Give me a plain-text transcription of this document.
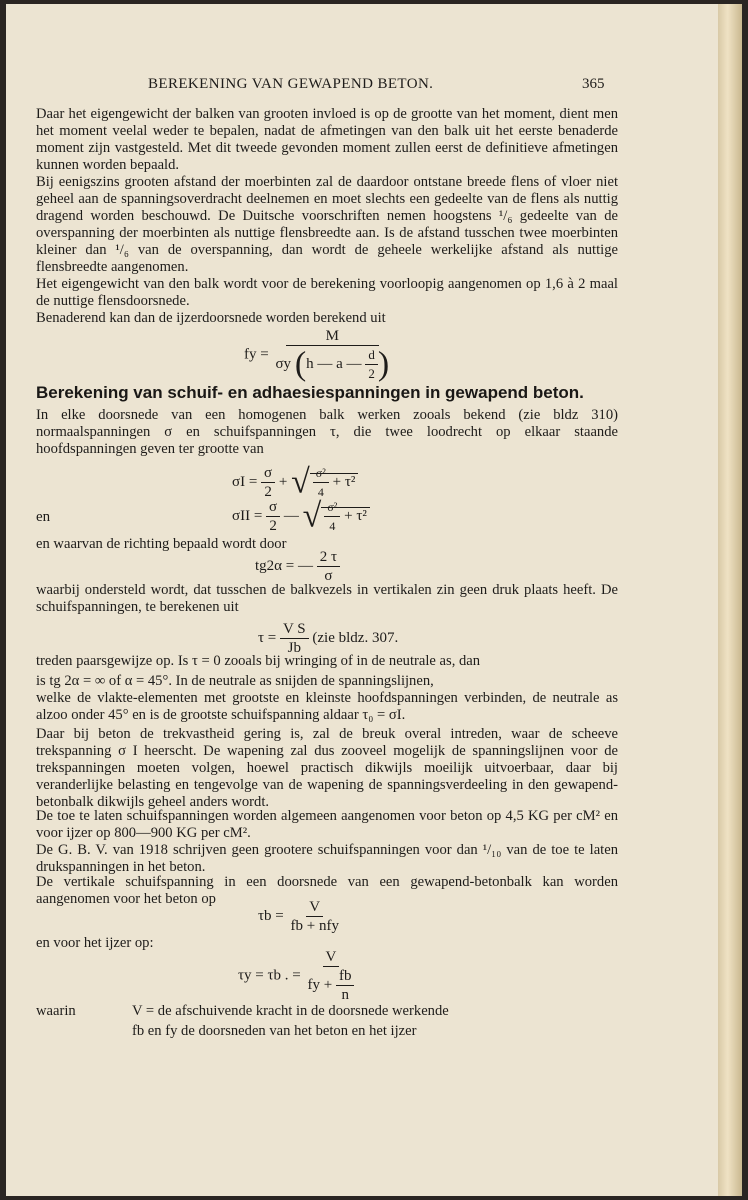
BEREKENING VAN GEWAPEND BETON.	365
Daar het eigengewicht der balken van grooten invloed is op de grootte van het moment, dient men het moment veelal weder te bepalen, nadat de afmetingen van den balk uit het eerste benaderde moment zijn vastgesteld. Met dit tweede gevonden moment zullen eerst de definitieve afmetingen kunnen worden bepaald.
Bij eenigszins grooten afstand der moerbinten zal de daardoor ontstane breede flens of vloer niet geheel aan de spanningsoverdracht deelnemen en moet slechts een gedeelte van de flens als nuttig dragend worden beschouwd. De Duitsche voorschriften nemen hoogstens ¹/₆ gedeelte van de overspanning der moerbinten als nuttige flensbreedte aan. Is de afstand tusschen twee moerbinten kleiner dan ¹/₆ van de overspanning, dan wordt de geheele werkelijke afstand als nuttige flensbreedte aangenomen.
Het eigengewicht van den balk wordt voor de berekening voorloopig aangenomen op 1,6 à 2 maal de nuttige flensdoorsnede.
Benaderend kan dan de ijzerdoorsnede worden berekend uit
fy = $\frac{M}{\sigma y (h — a — \frac{d}{2} )}$
Berekening van schuif- en adhaesiespanningen in gewapend beton.
In elke doorsnede van een homogenen balk werken zooals bekend (zie bldz 310) normaalspanningen σ en schuifspanningen τ, die twee loodrecht op elkaar staande hoofdspanningen geven ter grootte van
$\sigma I = \frac{\sigma}{2}$ + √ $\frac{\text{σ²}}{4} + \tau^2$
en	$\sigma II = \frac{\sigma}{2}$ — √ $\frac{\text{σ²}}{4} + \tau^2$
en waarvan de richting bepaald wordt door
tg2α = — $\frac{2 \tau}{\sigma}$
waarbij ondersteld wordt, dat tusschen de balkvezels in vertikalen zin geen druk plaats heeft. De schuifspanningen, te berekenen uit
$\tau = \frac{\text{V S}}{Jb} (zie$ bldz. 307.
treden paarsgewijze op. Is τ = 0 zooals bij wringing of in de neutrale as, dan
is tg 2α = ∞ of α = 45°. In de neutrale as snijden de spanningslijnen,
welke de vlakte-elementen met grootste en kleinste hoofdspanningen verbinden, de neutrale as alzoo onder 45° en is de grootste schuifspanning aldaar τ₀ = σI.
Daar bij beton de trekvastheid gering is, zal de breuk overal intreden, waar de scheeve trekspanning σ I heerscht. De wapening zal dus zooveel mogelijk de spanningslijnen voor de trekspanningen moeten volgen, hoewel practisch dikwijls moeilijk uitvoerbaar, daar bij veranderlijke belasting en tengevolge van de wapening de spanningsverdeeling in den gewapend-betonbalk dikwijls geheel anders wordt.
De toe te laten schuifspanningen worden algemeen aangenomen voor beton op 4,5 KG per cM² en voor ijzer op 800—900 KG per cM².
De G. B. V. van 1918 schrijven geen grootere schuifspanningen voor dan ¹/₁₀ van de toe te laten drukspanningen in het beton.
De vertikale schuifspanning in een doorsnede van een gewapend-betonbalk kan worden aangenomen voor het beton op
$\tau b = \frac{V}{\text{fb + nfy}}$
en voor het ijzer op:
τy = τb . = $\frac{V}{fy + \frac{fb}{n}}$
waarin	V = de afschuivende kracht in de doorsnede werkende
fb en fy de doorsneden van het beton en het ijzer
